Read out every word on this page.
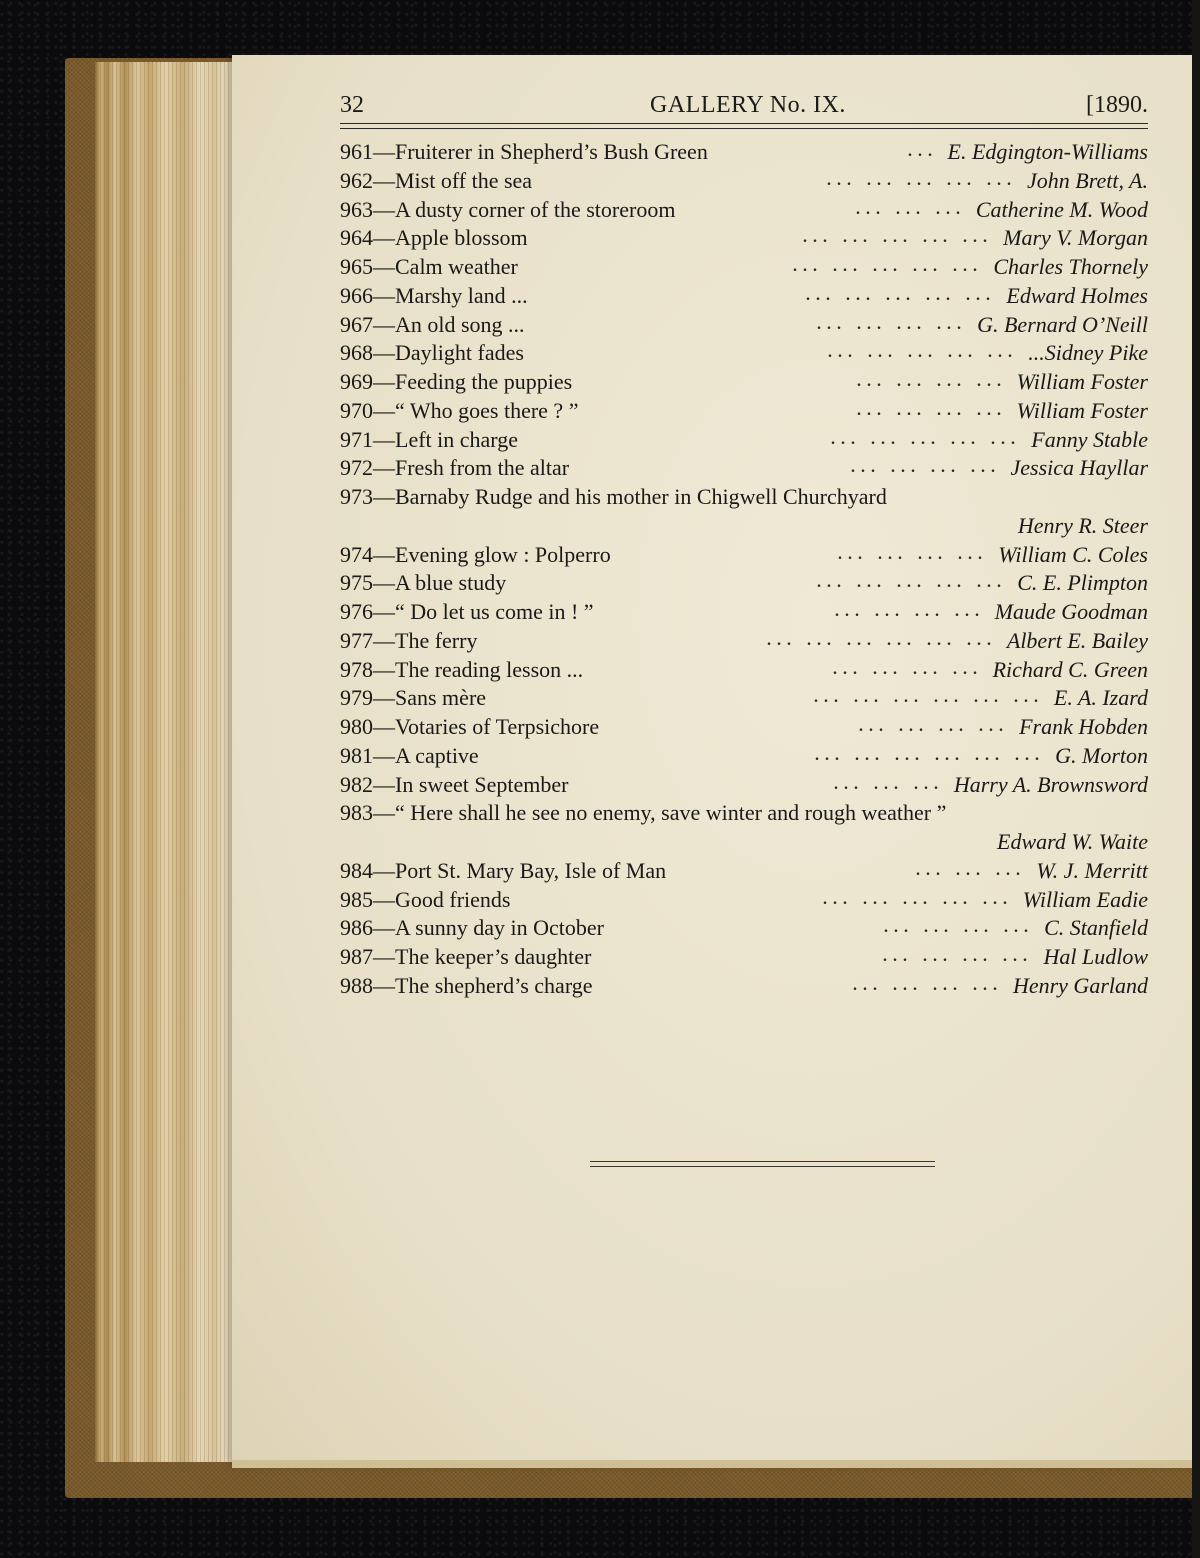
32	GALLERY No. IX.	[1890.
961—Fruiterer in Shepherd’s Bush Green	... E. Edgington-Williams
962—Mist off the sea	... ... ... ... ... John Brett, A.
963—A dusty corner of the storeroom	... ... ... Catherine M. Wood
964—Apple blossom	... ... ... ... ... Mary V. Morgan
965—Calm weather	... ... ... ... ... Charles Thornely
966—Marshy land ...	... ... ... ... ... Edward Holmes
967—An old song ...	... ... ... ... G. Bernard O’Neill
968—Daylight fades	... ... ... ... ... ...Sidney Pike
969—Feeding the puppies	... ... ... ... William Foster
970—“ Who goes there ? ”	... ... ... ... William Foster
971—Left in charge	... ... ... ... ... Fanny Stable
972—Fresh from the altar	... ... ... ... Jessica Hayllar
973—Barnaby Rudge and his mother in Chigwell Churchyard
Henry R. Steer
974—Evening glow : Polperro	... ... ... ... William C. Coles
975—A blue study	... ... ... ... ... C. E. Plimpton
976—“ Do let us come in ! ”	... ... ... ... Maude Goodman
977—The ferry	... ... ... ... ... ... Albert E. Bailey
978—The reading lesson ...	... ... ... ... Richard C. Green
979—Sans mère	... ... ... ... ... ... E. A. Izard
980—Votaries of Terpsichore	... ... ... ... Frank Hobden
981—A captive	... ... ... ... ... ... G. Morton
982—In sweet September	... ... ... Harry A. Brownsword
983—“ Here shall he see no enemy, save winter and rough weather ”
Edward W. Waite
984—Port St. Mary Bay, Isle of Man	... ... ... W. J. Merritt
985—Good friends	... ... ... ... ... William Eadie
986—A sunny day in October	... ... ... ... C. Stanfield
987—The keeper’s daughter	... ... ... ... Hal Ludlow
988—The shepherd’s charge	... ... ... ... Henry Garland
